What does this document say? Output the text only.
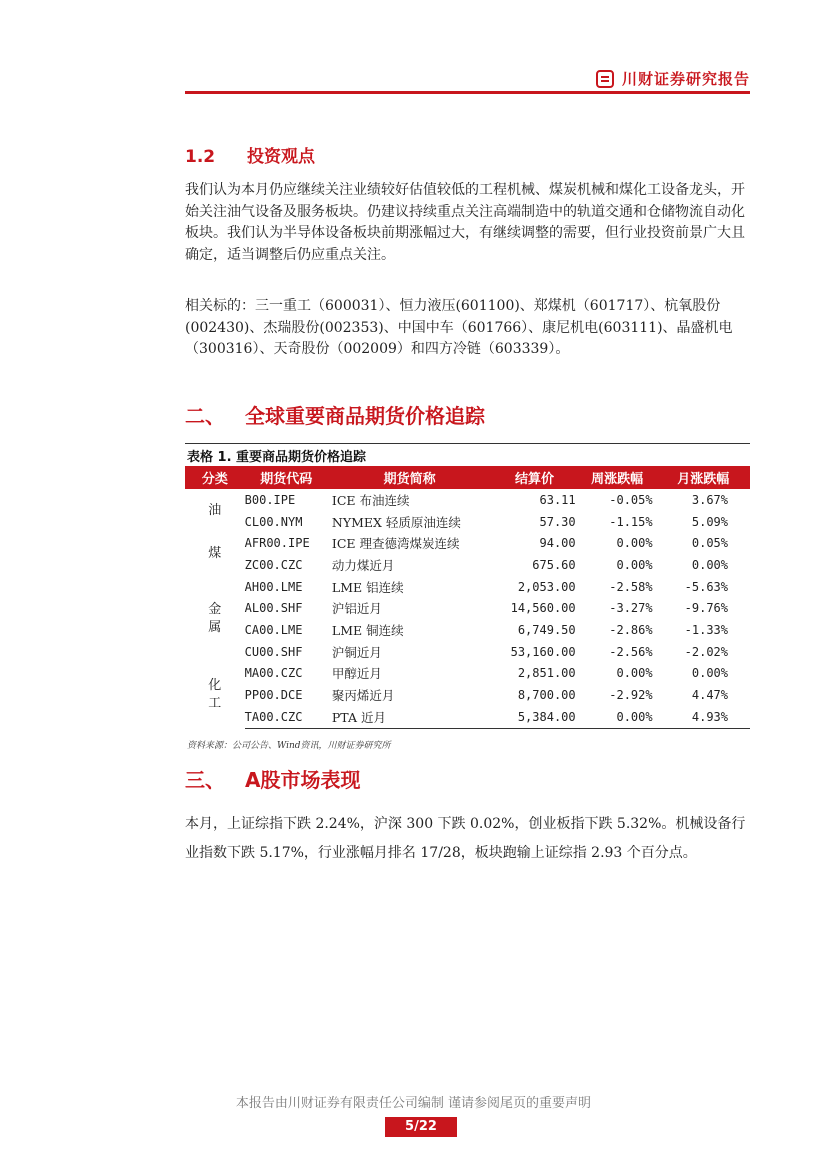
川财证券研究报告
1.2 投资观点

我们认为本月仍应继续关注业绩较好估值较低的工程机械、煤炭机械和煤化工设备龙头，开始关注油气设备及服务板块。仍建议持续重点关注高端制造中的轨道交通和仓储物流自动化板块。我们认为半导体设备板块前期涨幅过大，有继续调整的需要，但行业投资前景广大且确定，适当调整后仍应重点关注。

相关标的：三一重工（600031）、恒力液压(601100)、郑煤机（601717）、杭氧股份(002430)、杰瑞股份(002353)、中国中车（601766）、康尼机电(603111)、晶盛机电（300316）、天奇股份（002009）和四方冷链（603339）。

二、 全球重要商品期货价格追踪
表格 1. 重要商品期货价格追踪
分类	期货代码	期货简称	结算价	周涨跌幅	月涨跌幅
油	B00.IPE	ICE 布油连续	63.11	-0.05%	3.67%
	CL00.NYM	NYMEX 轻质原油连续	57.30	-1.15%	5.09%
煤	AFR00.IPE	ICE 理查德湾煤炭连续	94.00	0.00%	0.05%
	ZC00.CZC	动力煤近月	675.60	0.00%	0.00%
金属	AH00.LME	LME 铝连续	2,053.00	-2.58%	-5.63%
	AL00.SHF	沪铝近月	14,560.00	-3.27%	-9.76%
	CA00.LME	LME 铜连续	6,749.50	-2.86%	-1.33%
	CU00.SHF	沪铜近月	53,160.00	-2.56%	-2.02%
化工	MA00.CZC	甲醇近月	2,851.00	0.00%	0.00%
	PP00.DCE	聚丙烯近月	8,700.00	-2.92%	4.47%
	TA00.CZC	PTA 近月	5,384.00	0.00%	4.93%
资料来源：公司公告、Wind资讯，川财证券研究所
三、 A股市场表现

本月，上证综指下跌 2.24%，沪深 300 下跌 0.02%，创业板指下跌 5.32%。机械设备行业指数下跌 5.17%，行业涨幅月排名 17/28，板块跑输上证综指 2.93 个百分点。

本报告由川财证券有限责任公司编制 谨请参阅尾页的重要声明
5/22
